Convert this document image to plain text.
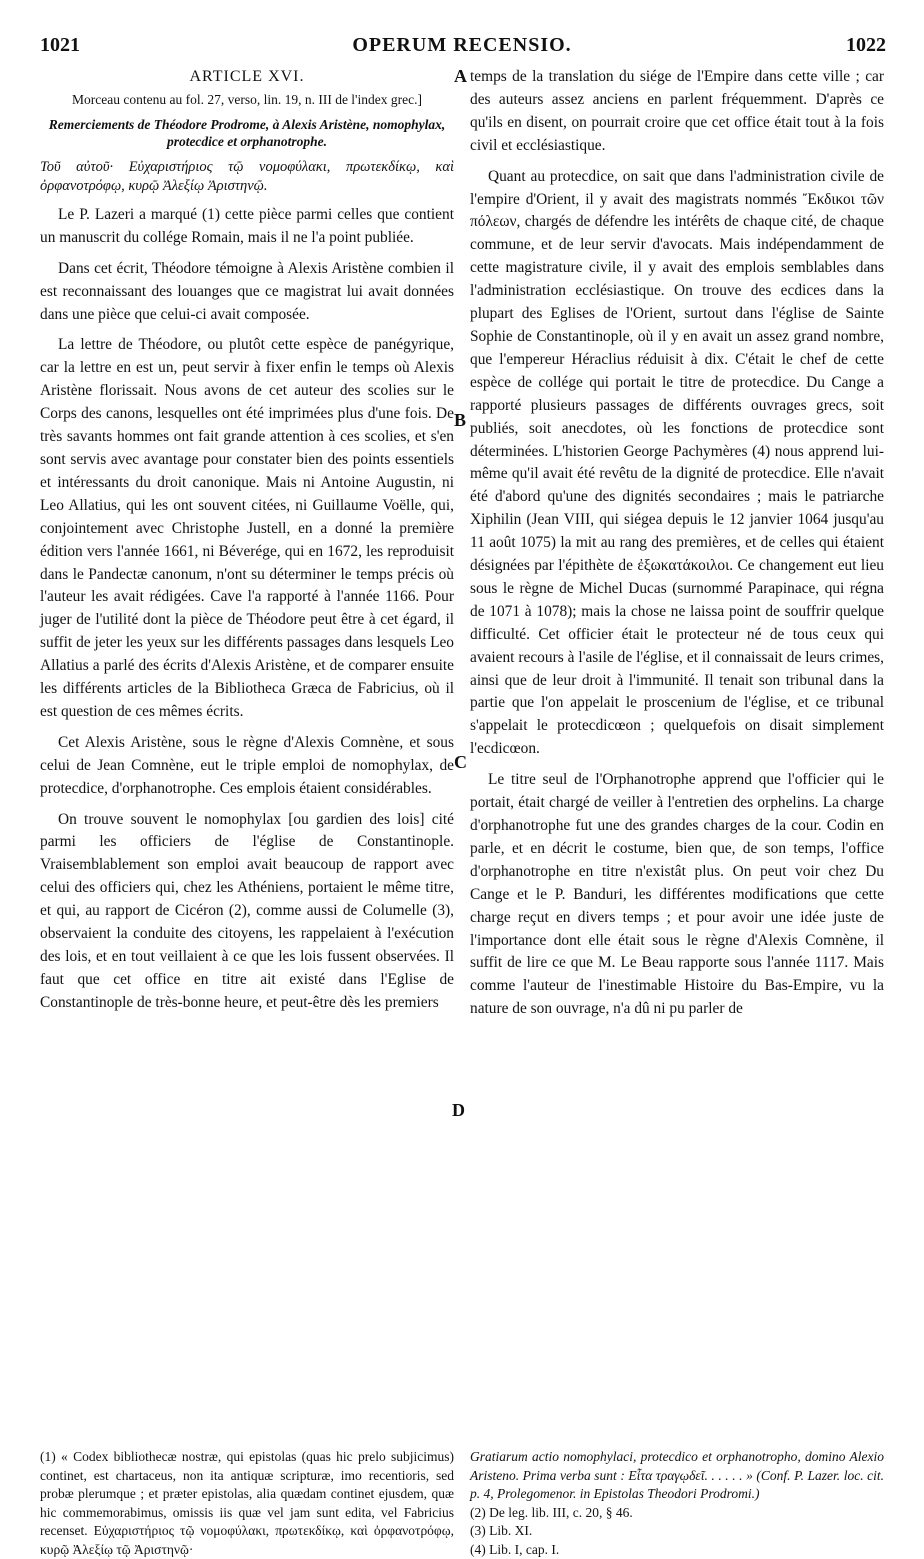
1021	OPERUM RECENSIO.	1022
A
B
C
D

ARTICLE XVI.

Morceau contenu au fol. 27, verso, lin. 19, n. III de l'index grec.]

Remerciements de Théodore Prodrome, à Alexis Aristène, nomophylax, protecdice et orphanotrophe.

Τοῦ αὐτοῦ· Εὐχαριστήριος τῷ νομοφύλακι, πρωτεκδίκῳ, καὶ ὀρφανοτρόφῳ, κυρῷ Ἀλεξίῳ Ἀριστηνῷ.

Le P. Lazeri a marqué (1) cette pièce parmi celles que contient un manuscrit du collége Romain, mais il ne l'a point publiée.

Dans cet écrit, Théodore témoigne à Alexis Aristène combien il est reconnaissant des louanges que ce magistrat lui avait données dans une pièce que celui-ci avait composée.

La lettre de Théodore, ou plutôt cette espèce de panégyrique, car la lettre en est un, peut servir à fixer enfin le temps où Alexis Aristène florissait. Nous avons de cet auteur des scolies sur le Corps des canons, lesquelles ont été imprimées plus d'une fois. De très savants hommes ont fait grande attention à ces scolies, et s'en sont servis avec avantage pour constater bien des points essentiels et intéressants du droit canonique. Mais ni Antoine Augustin, ni Leo Allatius, qui les ont souvent citées, ni Guillaume Voëlle, qui, conjointement avec Christophe Justell, en a donné la première édition vers l'année 1661, ni Béverége, qui en 1672, les reproduisit dans le Pandectæ canonum, n'ont su déterminer le temps précis où l'auteur les avait rédigées. Cave l'a rapporté à l'année 1166. Pour juger de l'utilité dont la pièce de Théodore peut être à cet égard, il suffit de jeter les yeux sur les différents passages dans lesquels Leo Allatius a parlé des écrits d'Alexis Aristène, et de comparer ensuite les différents articles de la Bibliotheca Græca de Fabricius, où il est question de ces mêmes écrits.

Cet Alexis Aristène, sous le règne d'Alexis Comnène, et sous celui de Jean Comnène, eut le triple emploi de nomophylax, de protecdice, d'orphanotrophe. Ces emplois étaient considérables.

On trouve souvent le nomophylax [ou gardien des lois] cité parmi les officiers de l'église de Constantinople. Vraisemblablement son emploi avait beaucoup de rapport avec celui des officiers qui, chez les Athéniens, portaient le même titre, et qui, au rapport de Cicéron (2), comme aussi de Columelle (3), observaient la conduite des citoyens, les rappelaient à l'exécution des lois, et en tout veillaient à ce que les lois fussent observées. Il faut que cet office en titre ait existé dans l'Eglise de Constantinople de très-bonne heure, et peut-être dès les premiers

temps de la translation du siége de l'Empire dans cette ville ; car des auteurs assez anciens en parlent fréquemment. D'après ce qu'ils en disent, on pourrait croire que cet office était tout à la fois civil et ecclésiastique.

Quant au protecdice, on sait que dans l'administration civile de l'empire d'Orient, il y avait des magistrats nommés Ἔκδικοι τῶν πόλεων, chargés de défendre les intérêts de chaque cité, de chaque commune, et de leur servir d'avocats. Mais indépendamment de cette magistrature civile, il y avait des emplois semblables dans l'administration ecclésiastique. On trouve des ecdices dans la plupart des Eglises de l'Orient, surtout dans l'église de Sainte Sophie de Constantinople, où il y en avait un assez grand nombre, que l'empereur Héraclius réduisit à dix. C'était le chef de cette espèce de collége qui portait le titre de protecdice. Du Cange a rapporté plusieurs passages de différents ouvrages grecs, soit publiés, soit anecdotes, où les fonctions de protecdice sont déterminées. L'historien George Pachymères (4) nous apprend lui-même qu'il avait été revêtu de la dignité de protecdice. Elle n'avait été d'abord qu'une des dignités secondaires ; mais le patriarche Xiphilin (Jean VIII, qui siégea depuis le 12 janvier 1064 jusqu'au 11 août 1075) la mit au rang des premières, et de celles qui étaient désignées par l'épithète de ἐξωκατάκοιλοι. Ce changement eut lieu sous le règne de Michel Ducas (surnommé Parapinace, qui régna de 1071 à 1078); mais la chose ne laissa point de souffrir quelque difficulté. Cet officier était le protecteur né de tous ceux qui avaient recours à l'asile de l'église, et il connaissait de leurs crimes, ainsi que de leur droit à l'immunité. Il tenait son tribunal dans la partie que l'on appelait le proscenium de l'église, et ce tribunal s'appelait le protecdicœon ; quelquefois on disait simplement l'ecdicœon.

Le titre seul de l'Orphanotrophe apprend que l'officier qui le portait, était chargé de veiller à l'entretien des orphelins. La charge d'orphanotrophe fut une des grandes charges de la cour. Codin en parle, et en décrit le costume, bien que, de son temps, l'office d'orphanotrophe en titre n'existât plus. On peut voir chez Du Cange et le P. Banduri, les différentes modifications que cette charge reçut en divers temps ; et pour avoir une idée juste de l'importance dont elle était sous le règne d'Alexis Comnène, il suffit de lire ce que M. Le Beau rapporte sous l'année 1117. Mais comme l'auteur de l'inestimable Histoire du Bas-Empire, vu la nature de son ouvrage, n'a dû ni pu parler de

(1) « Codex bibliothecæ nostræ, qui epistolas (quas hic prelo subjicimus) continet, est chartaceus, non ita antiquæ scripturæ, imo recentioris, sed probæ plerumque ; et præter epistolas, alia quædam continet ejusdem, quæ hic commemorabimus, omissis iis quæ vel jam sunt edita, vel Fabricius recenset. Εὐχαριστήριος τῷ νομοφύλακι, πρωτεκδίκῳ, καὶ ὀρφανοτρόφῳ, κυρῷ Ἀλεξίῳ τῷ Ἀριστηνῷ·

Gratiarum actio nomophylaci, protecdico et orphanotropho, domino Alexio Aristeno. Prima verba sunt : Εἶτα τραγῳδεῖ. . . . . . » (Conf. P. Lazer. loc. cit. p. 4, Prolegomenor. in Epistolas Theodori Prodromi.)

(2) De leg. lib. III, c. 20, § 46.

(3) Lib. XI.

(4) Lib. I, cap. I.
